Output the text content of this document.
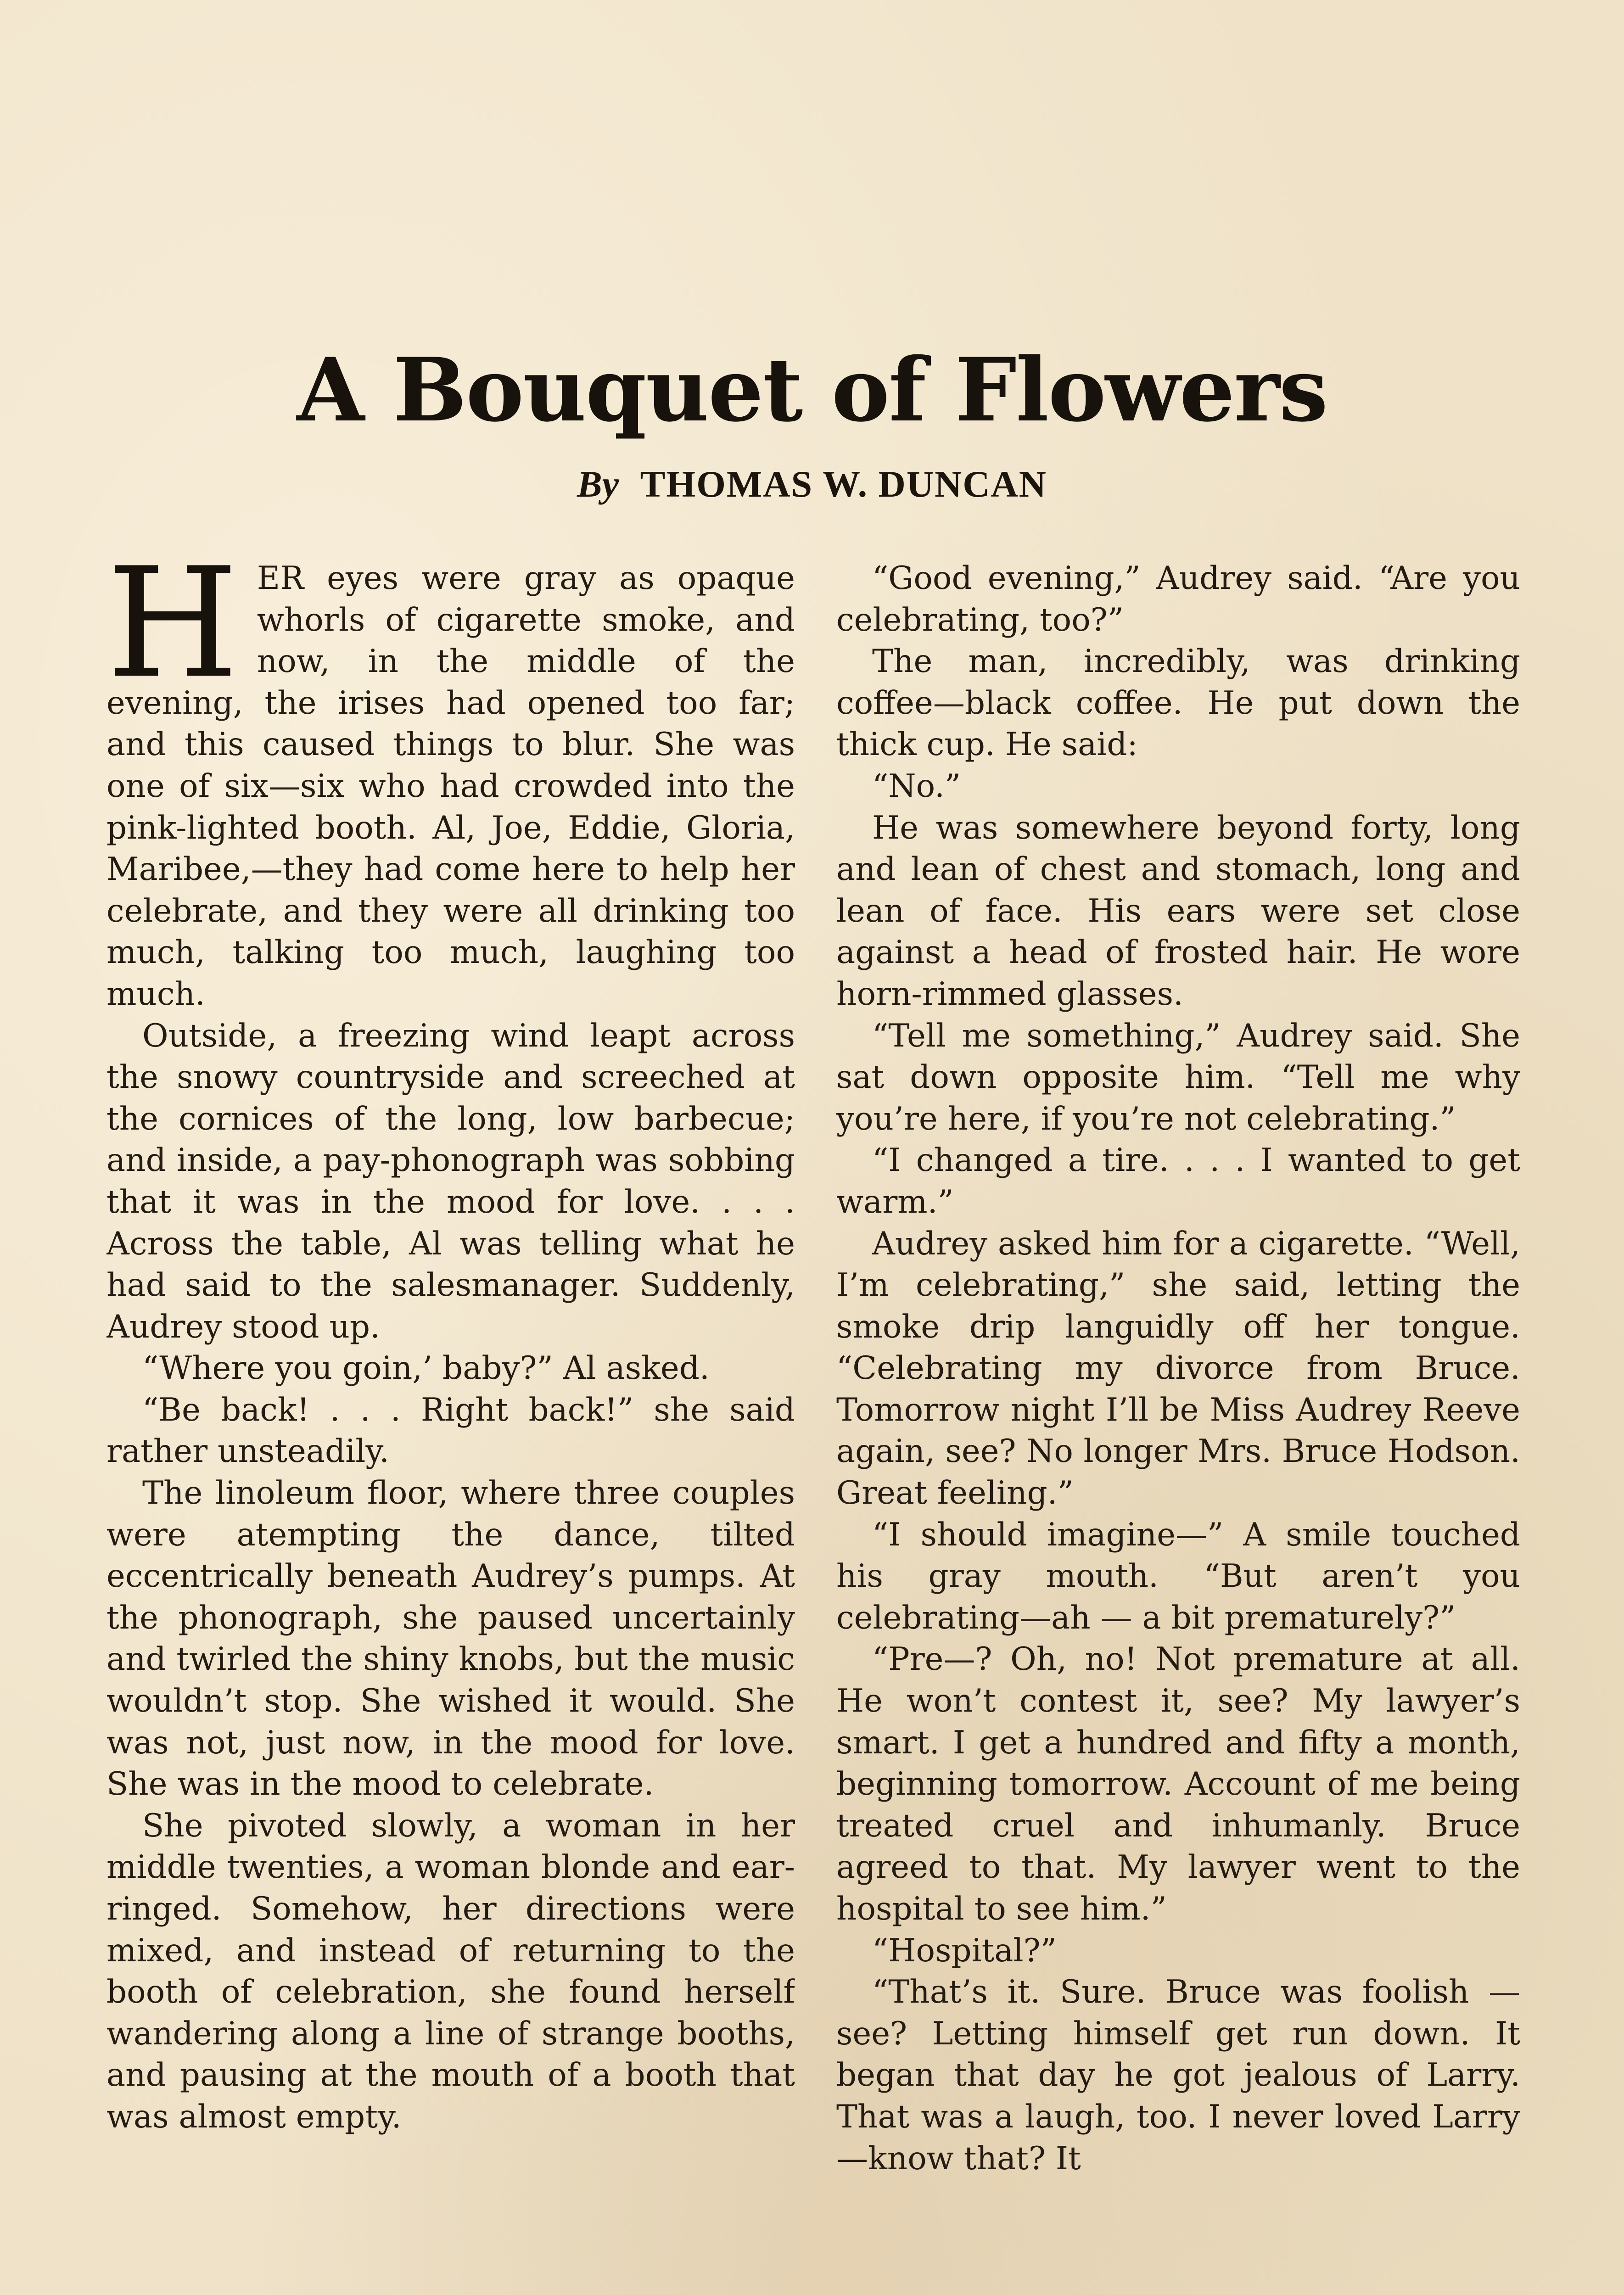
A Bouquet of Flowers
By THOMAS W. DUNCAN

HER eyes were gray as opaque whorls of cigarette smoke, and now, in the middle of the evening, the irises had opened too far; and this caused things to blur. She was one of six—six who had crowded into the pink-lighted booth. Al, Joe, Eddie, Gloria, Maribee,—they had come here to help her celebrate, and they were all drinking too much, talking too much, laughing too much.

Outside, a freezing wind leapt across the snowy countryside and screeched at the cornices of the long, low barbecue; and inside, a pay-phonograph was sobbing that it was in the mood for love. . . . Across the table, Al was telling what he had said to the salesmanager. Suddenly, Audrey stood up.

“Where you goin,’ baby?” Al asked.

“Be back! . . . Right back!” she said rather unsteadily.

The linoleum floor, where three couples were atempting the dance, tilted eccentrically beneath Audrey’s pumps. At the phonograph, she paused uncertainly and twirled the shiny knobs, but the music wouldn’t stop. She wished it would. She was not, just now, in the mood for love. She was in the mood to celebrate.

She pivoted slowly, a woman in her middle twenties, a woman blonde and ear-ringed. Somehow, her directions were mixed, and instead of returning to the booth of celebration, she found herself wandering along a line of strange booths, and pausing at the mouth of a booth that was almost empty.

“Good evening,” Audrey said. “Are you celebrating, too?”

The man, incredibly, was drinking coffee—black coffee. He put down the thick cup. He said:

“No.”

He was somewhere beyond forty, long and lean of chest and stomach, long and lean of face. His ears were set close against a head of frosted hair. He wore horn-rimmed glasses.

“Tell me something,” Audrey said. She sat down opposite him. “Tell me why you’re here, if you’re not celebrating.”

“I changed a tire. . . . I wanted to get warm.”

Audrey asked him for a cigarette. “Well, I’m celebrating,” she said, letting the smoke drip languidly off her tongue. “Celebrating my divorce from Bruce. Tomorrow night I’ll be Miss Audrey Reeve again, see? No longer Mrs. Bruce Hodson. Great feeling.”

“I should imagine—” A smile touched his gray mouth. “But aren’t you celebrating—ah — a bit prematurely?”

“Pre—? Oh, no! Not premature at all. He won’t contest it, see? My lawyer’s smart. I get a hundred and fifty a month, beginning tomorrow. Account of me being treated cruel and inhumanly. Bruce agreed to that. My lawyer went to the hospital to see him.”

“Hospital?”

“That’s it. Sure. Bruce was foolish — see? Letting himself get run down. It began that day he got jealous of Larry. That was a laugh, too. I never loved Larry—know that? It
